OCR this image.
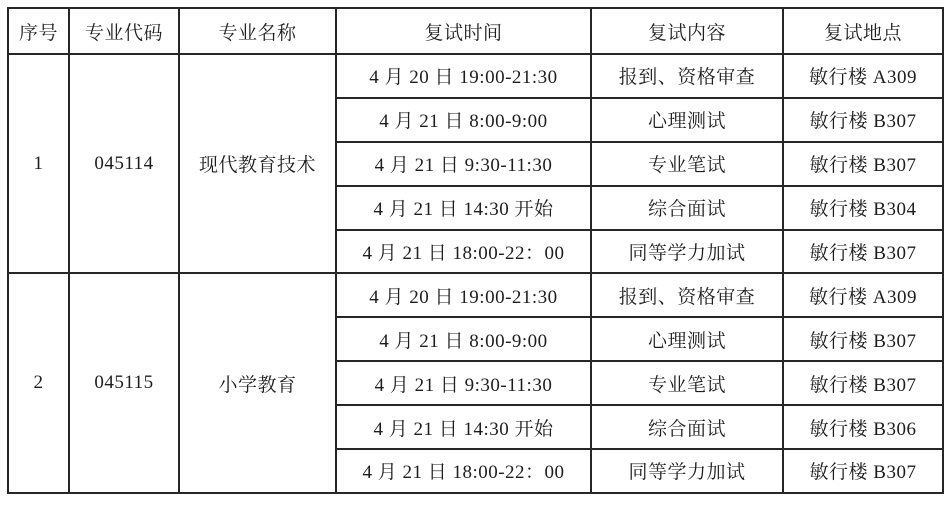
序号	专业代码	专业名称	复试时间	复试内容	复试地点
1	045114	现代教育技术	4 月 20 日 19:00-21:30	报到、资格审查	敏行楼 A309
			4 月 21 日 8:00-9:00	心理测试	敏行楼 B307
			4 月 21 日 9:30-11:30	专业笔试	敏行楼 B307
			4 月 21 日 14:30 开始	综合面试	敏行楼 B304
			4 月 21 日 18:00-22：00	同等学力加试	敏行楼 B307
2	045115	小学教育	4 月 20 日 19:00-21:30	报到、资格审查	敏行楼 A309
			4 月 21 日 8:00-9:00	心理测试	敏行楼 B307
			4 月 21 日 9:30-11:30	专业笔试	敏行楼 B307
			4 月 21 日 14:30 开始	综合面试	敏行楼 B306
			4 月 21 日 18:00-22：00	同等学力加试	敏行楼 B307
